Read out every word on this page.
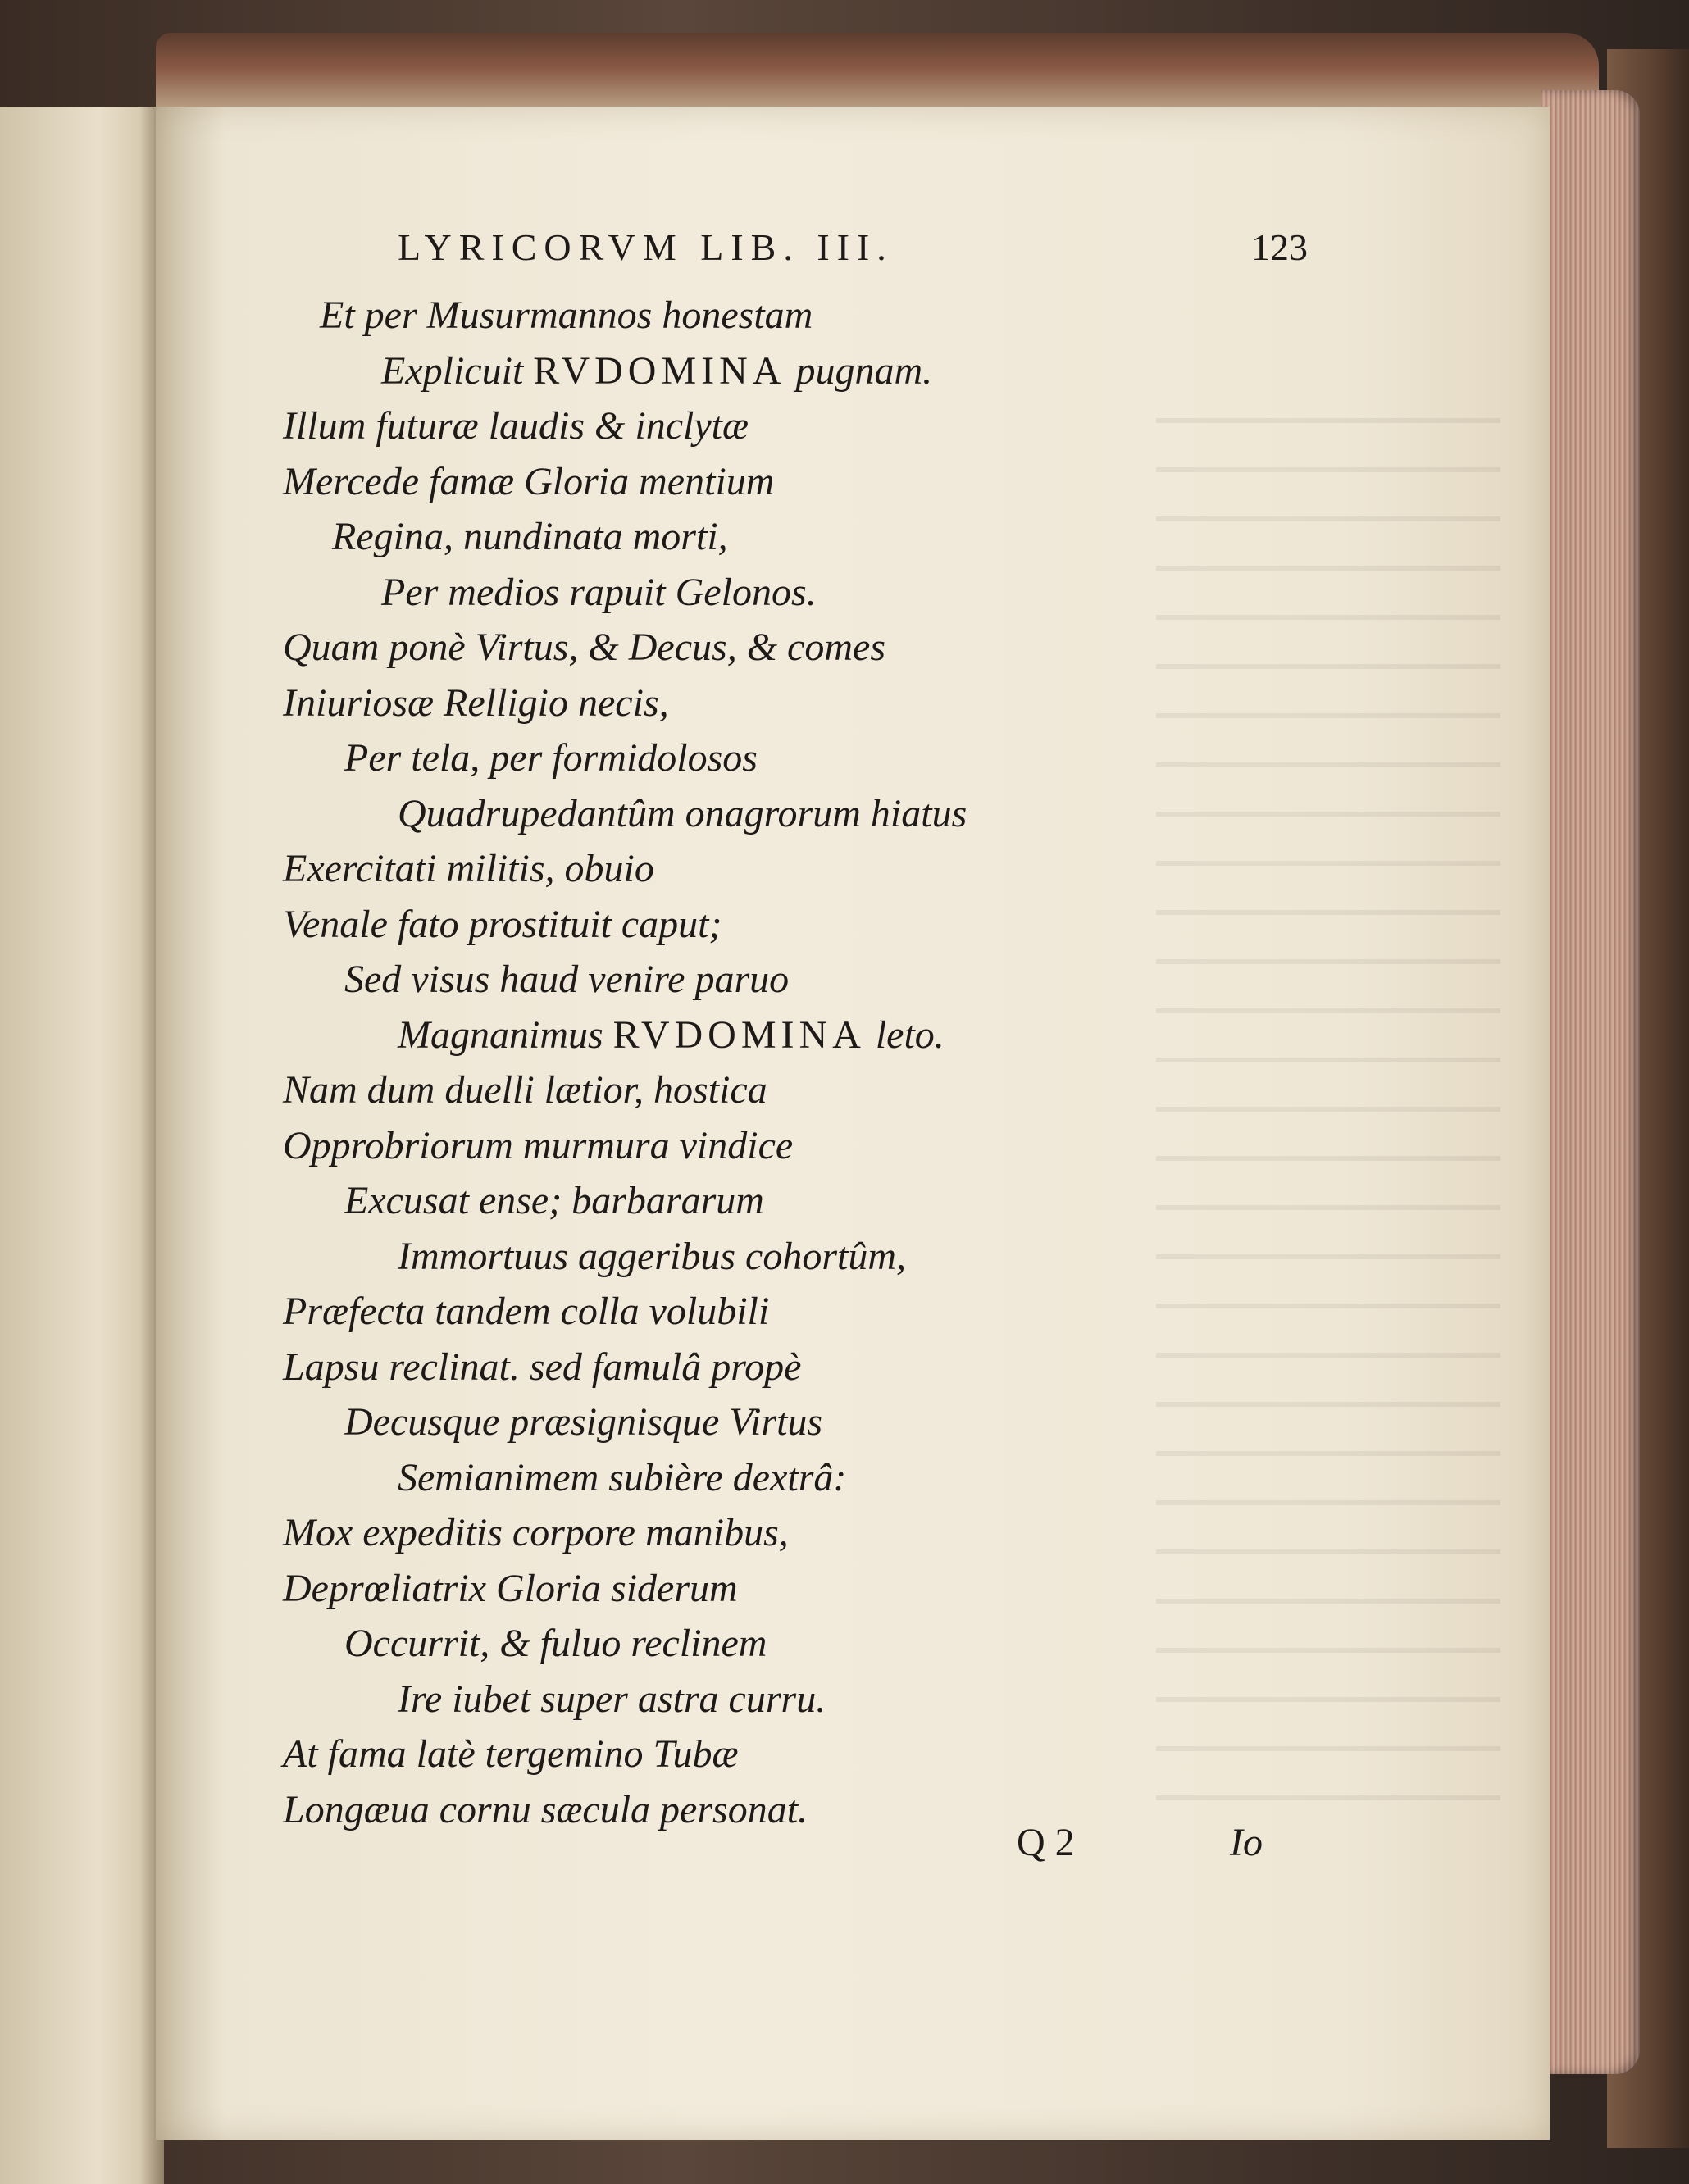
LYRICORVM LIB. III.	123
Et per Musurmannos honestam
Explicuit RVDOMINA pugnam.
Illum futuræ laudis & inclytæ
Mercede famæ Gloria mentium
Regina, nundinata morti,
Per medios rapuit Gelonos.
Quam ponè Virtus, & Decus, & comes
Iniuriosæ Relligio necis,
Per tela, per formidolosos
Quadrupedantûm onagrorum hiatus
Exercitati militis, obuio
Venale fato prostituit caput;
Sed visus haud venire paruo
Magnanimus RVDOMINA leto.
Nam dum duelli lætior, hostica
Opprobriorum murmura vindice
Excusat ense; barbararum
Immortuus aggeribus cohortûm,
Præfecta tandem colla volubili
Lapsu reclinat. sed famulâ propè
Decusque præsignisque Virtus
Semianimem subière dextrâ:
Mox expeditis corpore manibus,
Deprœliatrix Gloria siderum
Occurrit, & fuluo reclinem
Ire iubet super astra curru.
At fama latè tergemino Tubæ
Longæua cornu sæcula personat.
Q 2	Io
